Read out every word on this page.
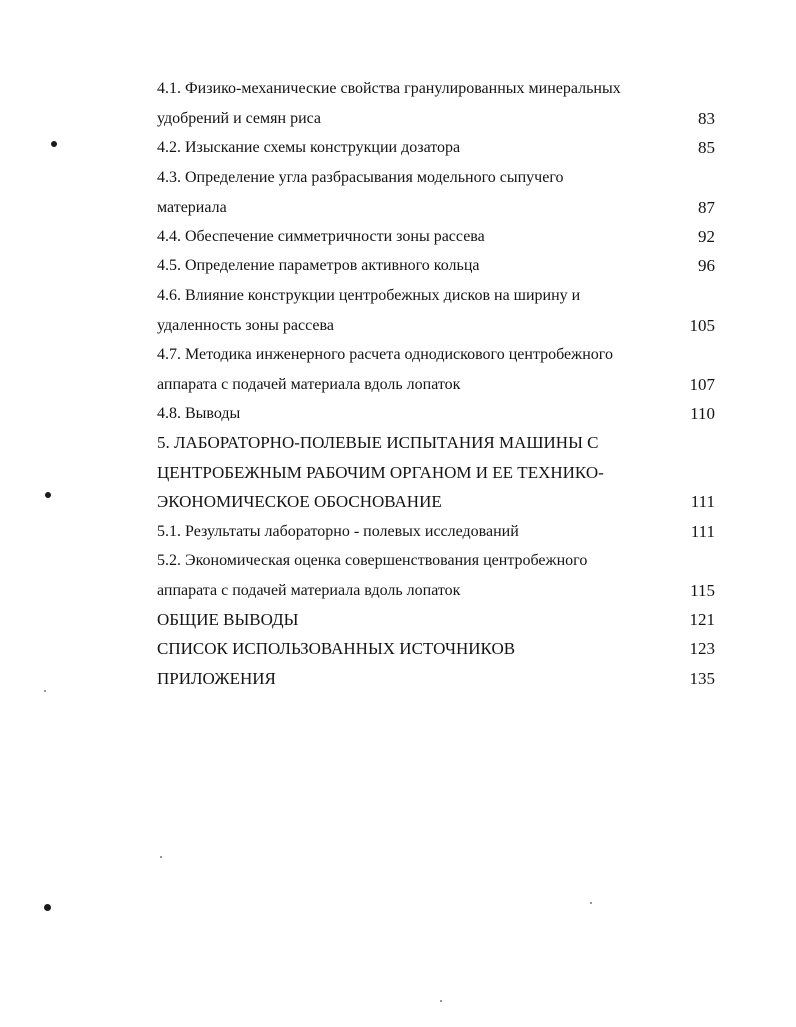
4.1. Физико-механические свойства гранулированных минеральных
удобрений и семян риса	83
4.2. Изыскание схемы конструкции дозатора	85
4.3. Определение угла разбрасывания модельного сыпучего
материала	87
4.4. Обеспечение симметричности зоны рассева	92
4.5. Определение параметров активного кольца	96
4.6. Влияние конструкции центробежных дисков на ширину и
удаленность зоны рассева	105
4.7. Методика инженерного расчета однодискового центробежного
аппарата с подачей материала вдоль лопаток	107
4.8. Выводы	110
5. ЛАБОРАТОРНО-ПОЛЕВЫЕ ИСПЫТАНИЯ МАШИНЫ С
ЦЕНТРОБЕЖНЫМ РАБОЧИМ ОРГАНОМ И ЕЕ ТЕХНИКО-
ЭКОНОМИЧЕСКОЕ ОБОСНОВАНИЕ	111
5.1. Результаты лабораторно - полевых исследований	111
5.2. Экономическая оценка совершенствования центробежного
аппарата с подачей материала вдоль лопаток	115
ОБЩИЕ ВЫВОДЫ	121
СПИСОК ИСПОЛЬЗОВАННЫХ ИСТОЧНИКОВ	123
ПРИЛОЖЕНИЯ	135
